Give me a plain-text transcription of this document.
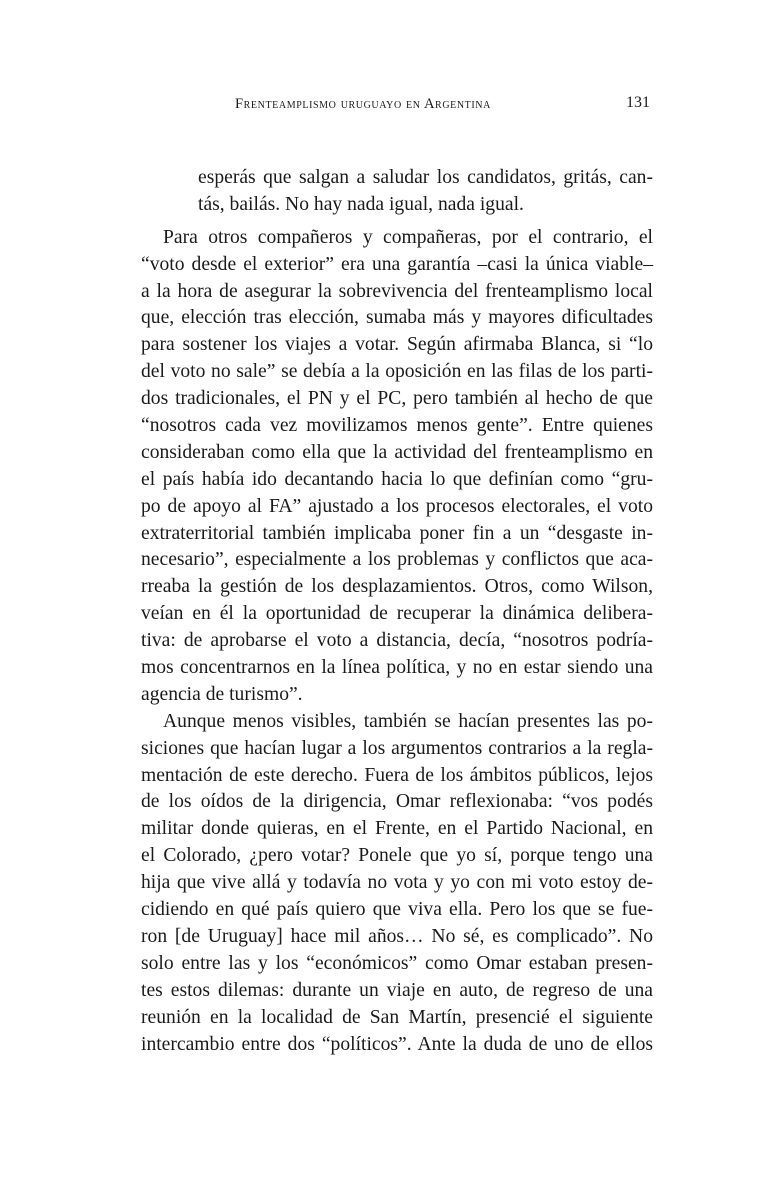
Frenteamplismo uruguayo en Argentina	131
esperás que salgan a saludar los candidatos, gritás, can-
tás, bailás. No hay nada igual, nada igual.
Para otros compañeros y compañeras, por el contrario, el
“voto desde el exterior” era una garantía –casi la única viable–
a la hora de asegurar la sobrevivencia del frenteamplismo local
que, elección tras elección, sumaba más y mayores dificultades
para sostener los viajes a votar. Según afirmaba Blanca, si “lo
del voto no sale” se debía a la oposición en las filas de los parti-
dos tradicionales, el PN y el PC, pero también al hecho de que
“nosotros cada vez movilizamos menos gente”. Entre quienes
consideraban como ella que la actividad del frenteamplismo en
el país había ido decantando hacia lo que definían como “gru-
po de apoyo al FA” ajustado a los procesos electorales, el voto
extraterritorial también implicaba poner fin a un “desgaste in-
necesario”, especialmente a los problemas y conflictos que aca-
rreaba la gestión de los desplazamientos. Otros, como Wilson,
veían en él la oportunidad de recuperar la dinámica delibera-
tiva: de aprobarse el voto a distancia, decía, “nosotros podría-
mos concentrarnos en la línea política, y no en estar siendo una
agencia de turismo”.
Aunque menos visibles, también se hacían presentes las po-
siciones que hacían lugar a los argumentos contrarios a la regla-
mentación de este derecho. Fuera de los ámbitos públicos, lejos
de los oídos de la dirigencia, Omar reflexionaba: “vos podés
militar donde quieras, en el Frente, en el Partido Nacional, en
el Colorado, ¿pero votar? Ponele que yo sí, porque tengo una
hija que vive allá y todavía no vota y yo con mi voto estoy de-
cidiendo en qué país quiero que viva ella. Pero los que se fue-
ron [de Uruguay] hace mil años… No sé, es complicado”. No
solo entre las y los “económicos” como Omar estaban presen-
tes estos dilemas: durante un viaje en auto, de regreso de una
reunión en la localidad de San Martín, presencié el siguiente
intercambio entre dos “políticos”. Ante la duda de uno de ellos
